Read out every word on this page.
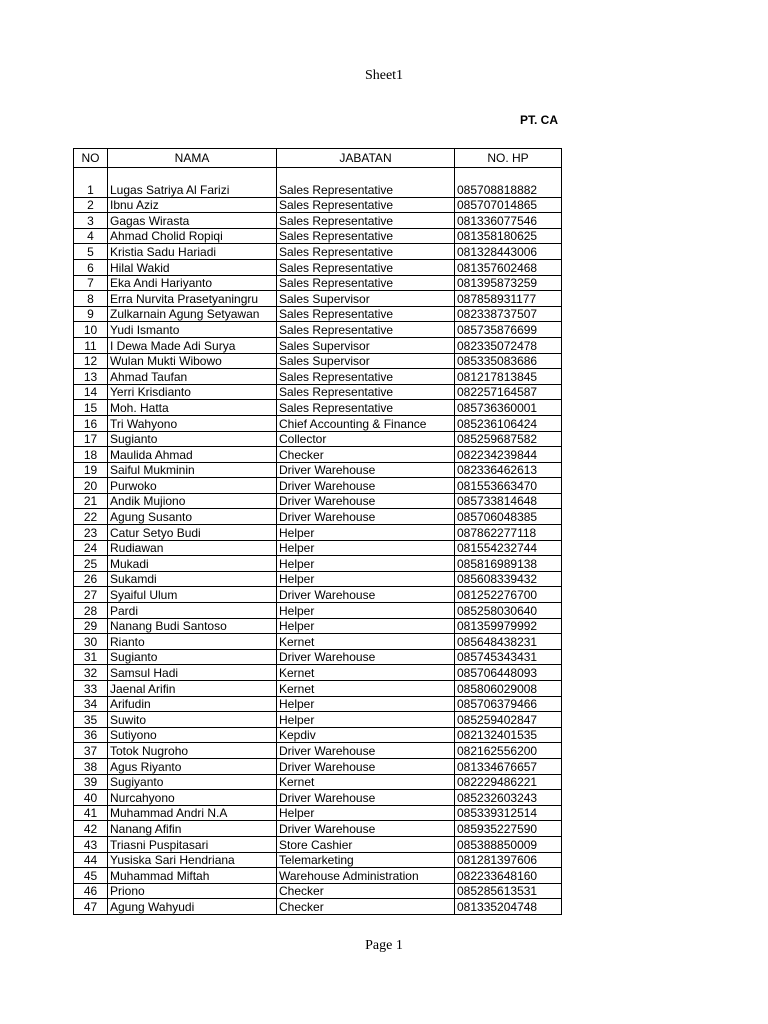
Sheet1
PT. CA
NO	NAMA	JABATAN	NO. HP

1	Lugas Satriya Al Farizi	Sales Representative	085708818882
2	Ibnu Aziz	Sales Representative	085707014865
3	Gagas Wirasta	Sales Representative	081336077546
4	Ahmad Cholid Ropiqi	Sales Representative	081358180625
5	Kristia Sadu Hariadi	Sales Representative	081328443006
6	Hilal Wakid	Sales Representative	081357602468
7	Eka Andi Hariyanto	Sales Representative	081395873259
8	Erra Nurvita Prasetyaningru	Sales Supervisor	087858931177
9	Zulkarnain Agung Setyawan	Sales Representative	082338737507
10	Yudi Ismanto	Sales Representative	085735876699
11	I Dewa Made Adi Surya	Sales Supervisor	082335072478
12	Wulan Mukti Wibowo	Sales Supervisor	085335083686
13	Ahmad Taufan	Sales Representative	081217813845
14	Yerri Krisdianto	Sales Representative	082257164587
15	Moh. Hatta	Sales Representative	085736360001
16	Tri Wahyono	Chief Accounting & Finance	085236106424
17	Sugianto	Collector	085259687582
18	Maulida Ahmad	Checker	082234239844
19	Saiful Mukminin	Driver Warehouse	082336462613
20	Purwoko	Driver Warehouse	081553663470
21	Andik Mujiono	Driver Warehouse	085733814648
22	Agung Susanto	Driver Warehouse	085706048385
23	Catur Setyo Budi	Helper	087862277118
24	Rudiawan	Helper	081554232744
25	Mukadi	Helper	085816989138
26	Sukamdi	Helper	085608339432
27	Syaiful Ulum	Driver Warehouse	081252276700
28	Pardi	Helper	085258030640
29	Nanang Budi Santoso	Helper	081359979992
30	Rianto	Kernet	085648438231
31	Sugianto	Driver Warehouse	085745343431
32	Samsul Hadi	Kernet	085706448093
33	Jaenal Arifin	Kernet	085806029008
34	Arifudin	Helper	085706379466
35	Suwito	Helper	085259402847
36	Sutiyono	Kepdiv	082132401535
37	Totok Nugroho	Driver Warehouse	082162556200
38	Agus Riyanto	Driver Warehouse	081334676657
39	Sugiyanto	Kernet	082229486221
40	Nurcahyono	Driver Warehouse	085232603243
41	Muhammad Andri N.A	Helper	085339312514
42	Nanang Afifin	Driver Warehouse	085935227590
43	Triasni Puspitasari	Store Cashier	085388850009
44	Yusiska Sari Hendriana	Telemarketing	081281397606
45	Muhammad Miftah	Warehouse Administration	082233648160
46	Priono	Checker	085285613531
47	Agung Wahyudi	Checker	081335204748
Page 1
